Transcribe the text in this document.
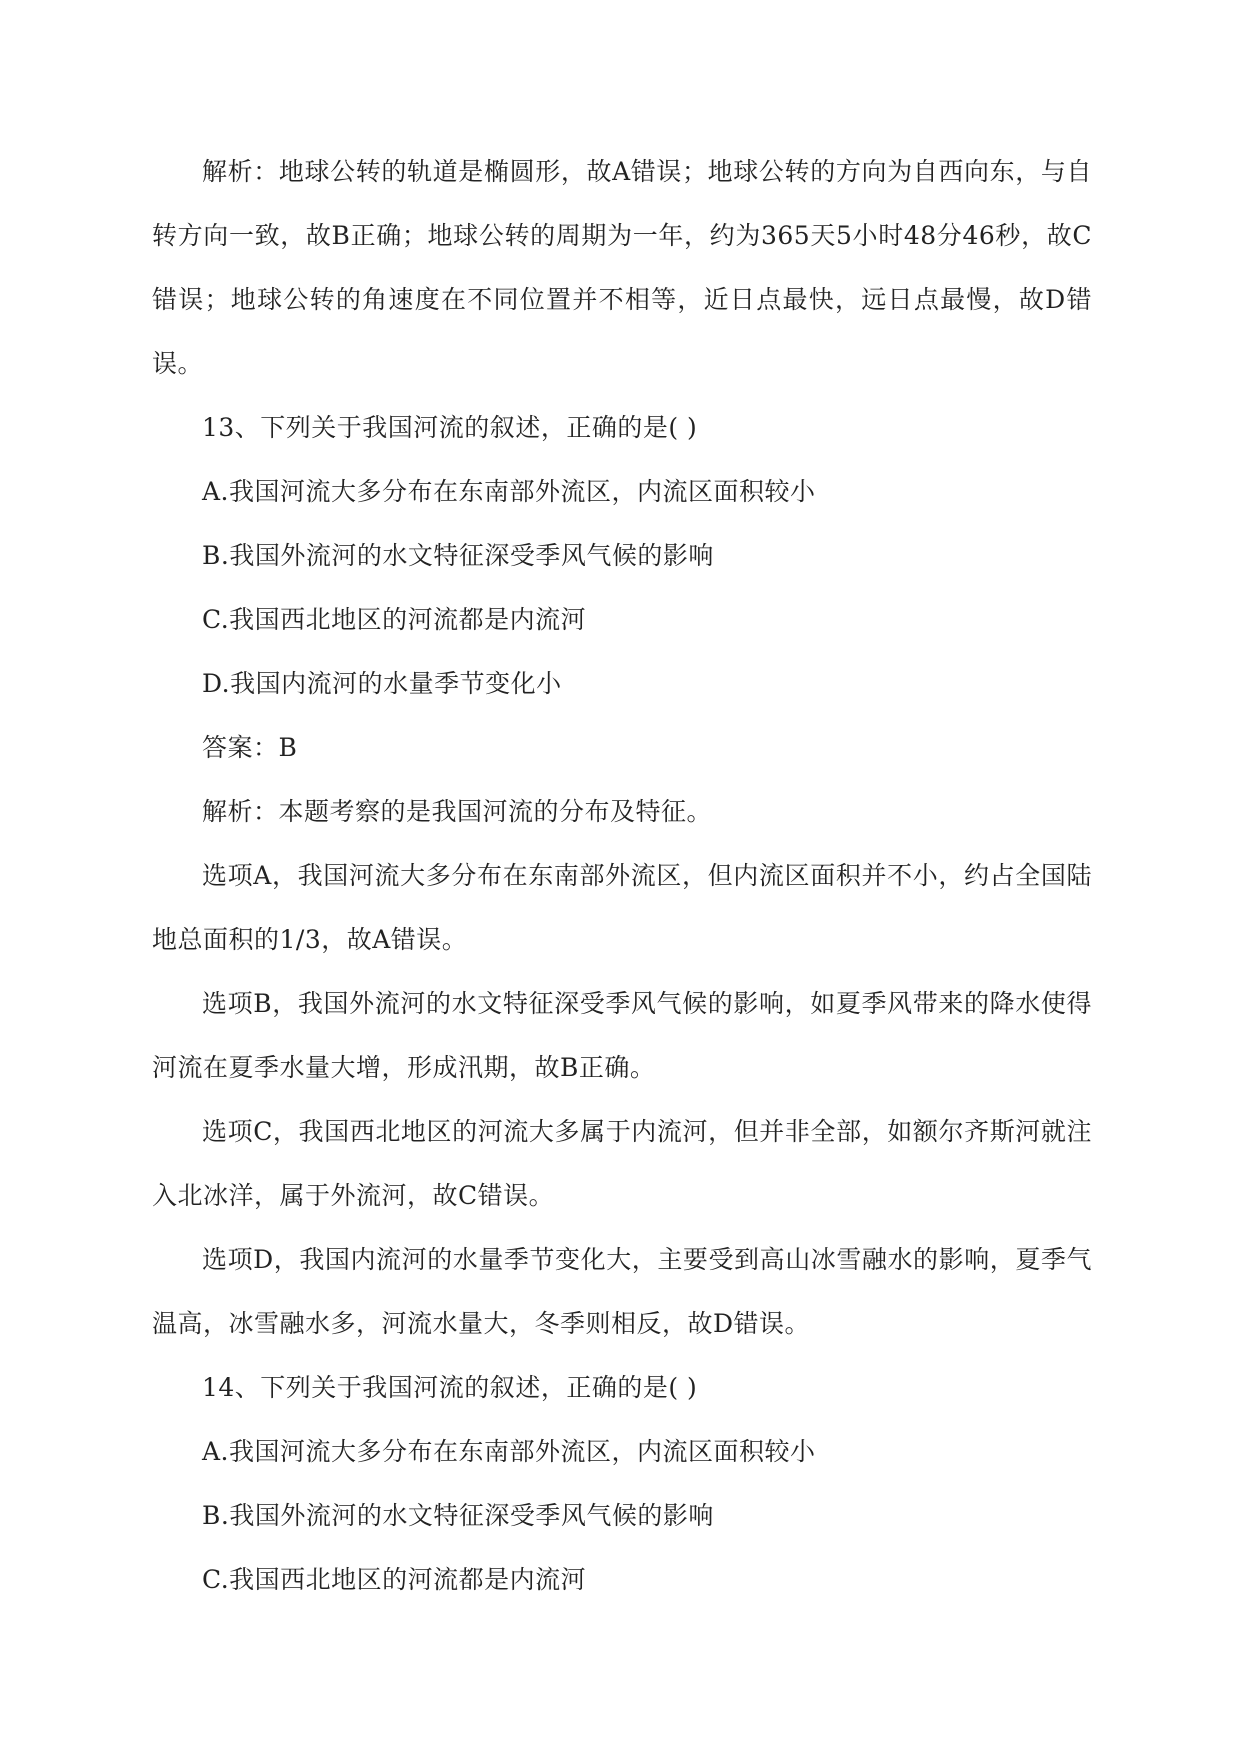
解析：地球公转的轨道是椭圆形，故A错误；地球公转的方向为自西向东，与自转方向一致，故B正确；地球公转的周期为一年，约为365天5小时48分46秒，故C错误；地球公转的角速度在不同位置并不相等，近日点最快，远日点最慢，故D错误。

13、下列关于我国河流的叙述，正确的是( )

A.我国河流大多分布在东南部外流区，内流区面积较小

B.我国外流河的水文特征深受季风气候的影响

C.我国西北地区的河流都是内流河

D.我国内流河的水量季节变化小

答案：B

解析：本题考察的是我国河流的分布及特征。

选项A，我国河流大多分布在东南部外流区，但内流区面积并不小，约占全国陆地总面积的1/3，故A错误。

选项B，我国外流河的水文特征深受季风气候的影响，如夏季风带来的降水使得河流在夏季水量大增，形成汛期，故B正确。

选项C，我国西北地区的河流大多属于内流河，但并非全部，如额尔齐斯河就注入北冰洋，属于外流河，故C错误。

选项D，我国内流河的水量季节变化大，主要受到高山冰雪融水的影响，夏季气温高，冰雪融水多，河流水量大，冬季则相反，故D错误。

14、下列关于我国河流的叙述，正确的是( )

A.我国河流大多分布在东南部外流区，内流区面积较小

B.我国外流河的水文特征深受季风气候的影响

C.我国西北地区的河流都是内流河
